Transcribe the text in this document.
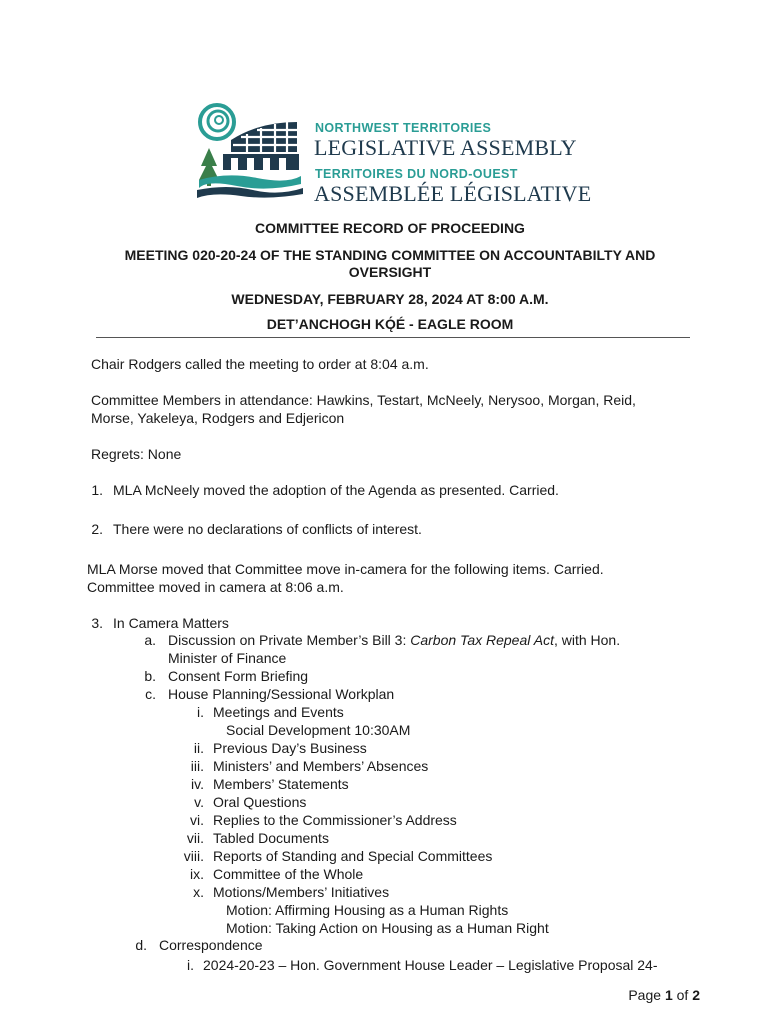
NORTHWEST TERRITORIES
LEGISLATIVE ASSEMBLY
TERRITOIRES DU NORD-OUEST
ASSEMBLÉE LÉGISLATIVE
COMMITTEE RECORD OF PROCEEDING
MEETING 020-20-24 OF THE STANDING COMMITTEE ON ACCOUNTABILTY AND
OVERSIGHT
WEDNESDAY, FEBRUARY 28, 2024 AT 8:00 A.M.
DET’ANCHOGH KǪ́É - EAGLE ROOM
Chair Rodgers called the meeting to order at 8:04 a.m.
Committee Members in attendance: Hawkins, Testart, McNeely, Nerysoo, Morgan, Reid,
Morse, Yakeleya, Rodgers and Edjericon
Regrets: None
1. MLA McNeely moved the adoption of the Agenda as presented. Carried.
2. There were no declarations of conflicts of interest.
MLA Morse moved that Committee move in-camera for the following items. Carried.
Committee moved in camera at 8:06 a.m.
3. In Camera Matters
a. Discussion on Private Member’s Bill 3: Carbon Tax Repeal Act, with Hon.
Minister of Finance
b. Consent Form Briefing
c. House Planning/Sessional Workplan
i. Meetings and Events
Social Development 10:30AM
ii. Previous Day’s Business
iii. Ministers’ and Members’ Absences
iv. Members’ Statements
v. Oral Questions
vi. Replies to the Commissioner’s Address
vii. Tabled Documents
viii. Reports of Standing and Special Committees
ix. Committee of the Whole
x. Motions/Members’ Initiatives
Motion: Affirming Housing as a Human Rights
Motion: Taking Action on Housing as a Human Right
d. Correspondence
i. 2024-20-23 – Hon. Government House Leader – Legislative Proposal 24-
Page 1 of 2
